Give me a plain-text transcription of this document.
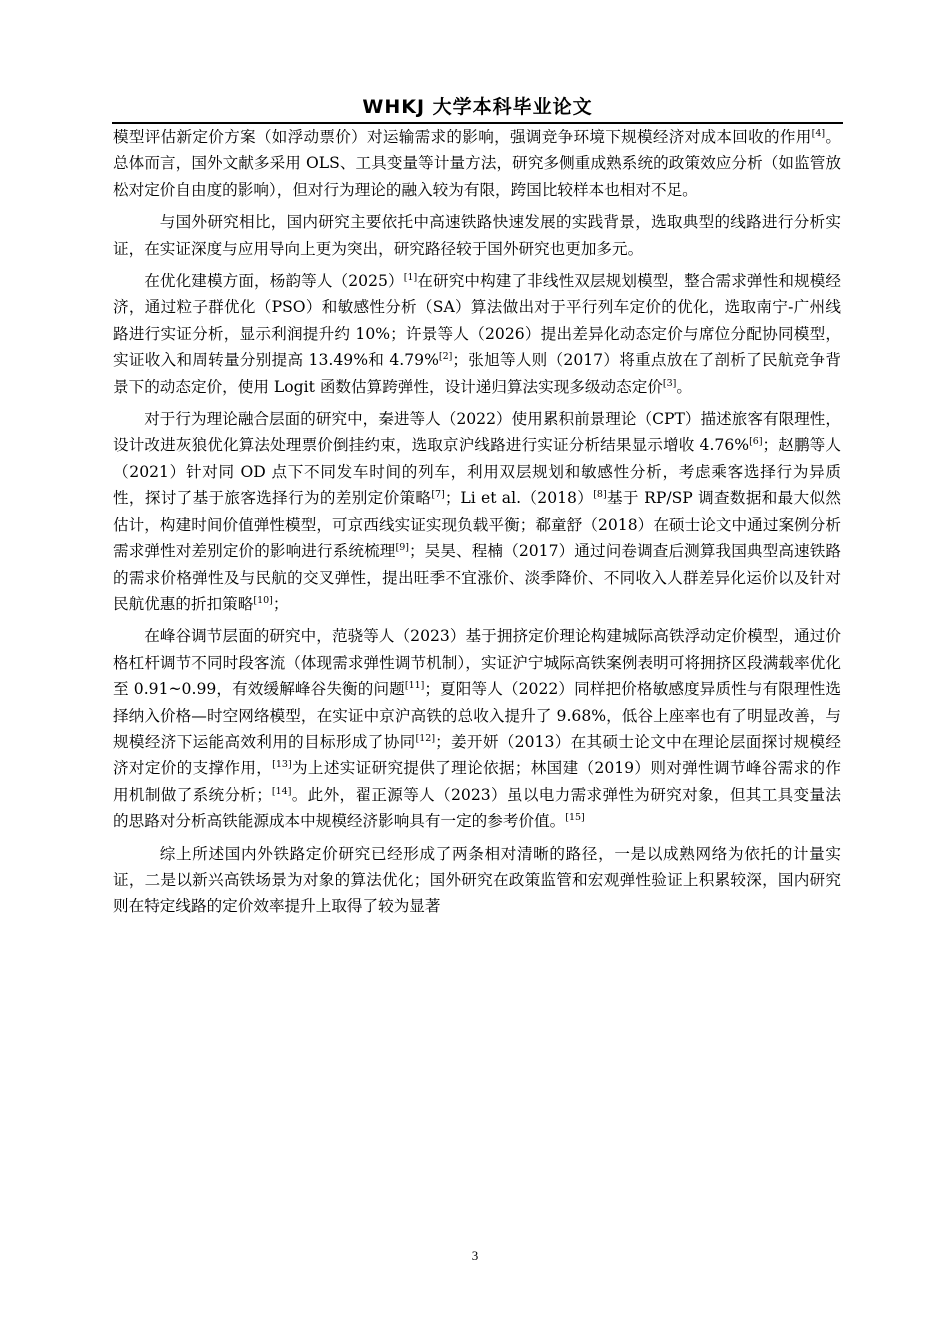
WHKJ 大学本科毕业论文

模型评估新定价方案（如浮动票价）对运输需求的影响，强调竞争环境下规模经济对成本回收的作用[4]。总体而言，国外文献多采用 OLS、工具变量等计量方法，研究多侧重成熟系统的政策效应分析（如监管放松对定价自由度的影响），但对行为理论的融入较为有限，跨国比较样本也相对不足。

与国外研究相比，国内研究主要依托中高速铁路快速发展的实践背景，选取典型的线路进行分析实证，在实证深度与应用导向上更为突出，研究路径较于国外研究也更加多元。

在优化建模方面，杨韵等人（2025）[1]在研究中构建了非线性双层规划模型，整合需求弹性和规模经济，通过粒子群优化（PSO）和敏感性分析（SA）算法做出对于平行列车定价的优化，选取南宁-广州线路进行实证分析，显示利润提升约 10%；许景等人（2026）提出差异化动态定价与席位分配协同模型，实证收入和周转量分别提高 13.49%和 4.79%[2]；张旭等人则（2017）将重点放在了剖析了民航竞争背景下的动态定价，使用 Logit 函数估算跨弹性，设计递归算法实现多级动态定价[3]。

对于行为理论融合层面的研究中，秦进等人（2022）使用累积前景理论（CPT）描述旅客有限理性，设计改进灰狼优化算法处理票价倒挂约束，选取京沪线路进行实证分析结果显示增收 4.76%[6]；赵鹏等人（2021）针对同 OD 点下不同发车时间的列车，利用双层规划和敏感性分析，考虑乘客选择行为异质性，探讨了基于旅客选择行为的差别定价策略[7]；Li et al.（2018）[8]基于 RP/SP 调查数据和最大似然估计，构建时间价值弹性模型，可京西线实证实现负载平衡；郗童舒（2018）在硕士论文中通过案例分析需求弹性对差别定价的影响进行系统梳理[9]；吴昊、程楠（2017）通过问卷调查后测算我国典型高速铁路的需求价格弹性及与民航的交叉弹性，提出旺季不宜涨价、淡季降价、不同收入人群差异化运价以及针对民航优惠的折扣策略[10]；

在峰谷调节层面的研究中，范骁等人（2023）基于拥挤定价理论构建城际高铁浮动定价模型，通过价格杠杆调节不同时段客流（体现需求弹性调节机制），实证沪宁城际高铁案例表明可将拥挤区段满载率优化至 0.91~0.99，有效缓解峰谷失衡的问题[11]；夏阳等人（2022）同样把价格敏感度异质性与有限理性选择纳入价格—时空网络模型，在实证中京沪高铁的总收入提升了 9.68%，低谷上座率也有了明显改善，与规模经济下运能高效利用的目标形成了协同[12]；姜开妍（2013）在其硕士论文中在理论层面探讨规模经济对定价的支撑作用，[13]为上述实证研究提供了理论依据；林国建（2019）则对弹性调节峰谷需求的作用机制做了系统分析；[14]。此外，翟正源等人（2023）虽以电力需求弹性为研究对象，但其工具变量法的思路对分析高铁能源成本中规模经济影响具有一定的参考价值。[15]

综上所述国内外铁路定价研究已经形成了两条相对清晰的路径，一是以成熟网络为依托的计量实证，二是以新兴高铁场景为对象的算法优化；国外研究在政策监管和宏观弹性验证上积累较深，国内研究则在特定线路的定价效率提升上取得了较为显著

3
